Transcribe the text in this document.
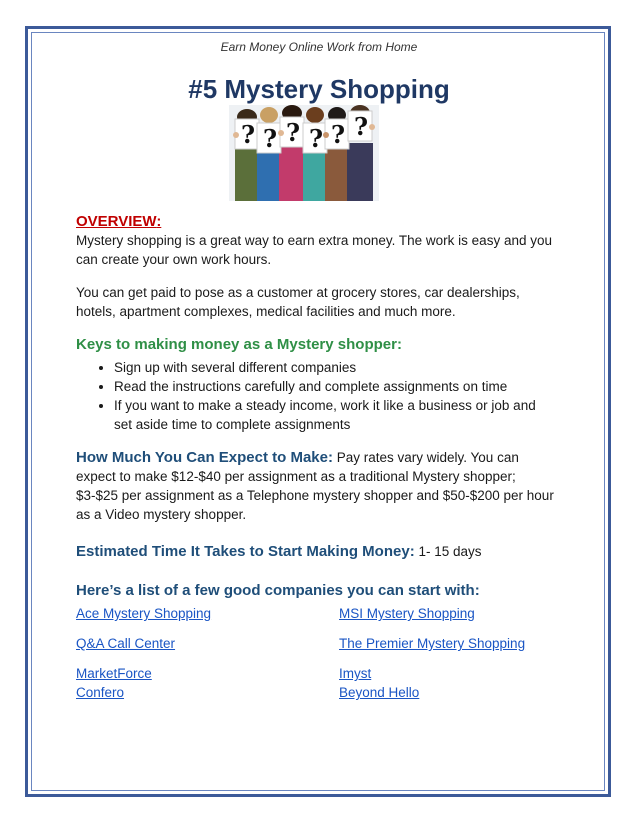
Earn Money Online Work from Home
#5 Mystery Shopping
? ? ? ? ? ?
OVERVIEW:

Mystery shopping is a great way to earn extra money. The work is easy and you can create your own work hours.

You can get paid to pose as a customer at grocery stores, car dealerships, hotels, apartment complexes, medical facilities and much more.

Keys to making money as a Mystery shopper:
• Sign up with several different companies
• Read the instructions carefully and complete assignments on time
• If you want to make a steady income, work it like a business or job and set aside time to complete assignments
How Much You Can Expect to Make: Pay rates vary widely. You can expect to make $12-$40 per assignment as a traditional Mystery shopper; $3-$25 per assignment as a Telephone mystery shopper and $50-$200 per hour as a Video mystery shopper.
Estimated Time It Takes to Start Making Money: 1- 15 days
Here’s a list of a few good companies you can start with:
Ace Mystery Shopping	MSI Mystery Shopping
Q&A Call Center	The Premier Mystery Shopping
MarketForce	Imyst
Confero	Beyond Hello
